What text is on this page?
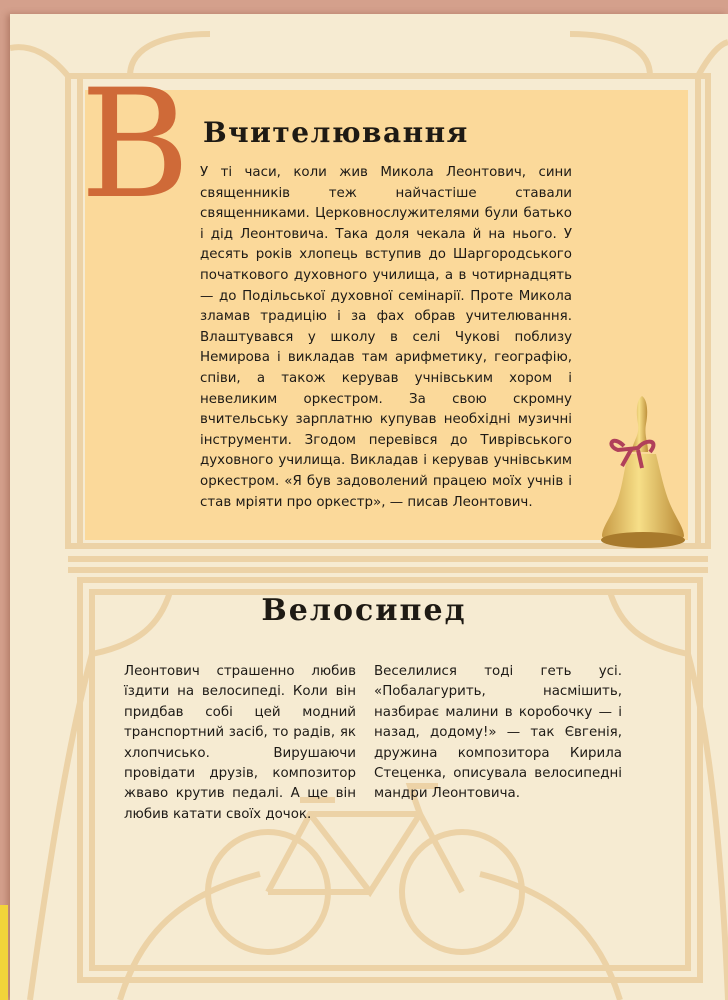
В Вчителювання

У ті часи, коли жив Микола Леонтович, сини священників теж найчастіше ставали священниками. Церковнослужителями були батько і дід Леонтовича. Така доля чекала й на нього. У десять років хлопець вступив до Шаргородського початкового духовного училища, а в чотирнадцять — до Подільської духовної семінарії. Проте Микола зламав традицію і за фах обрав учителювання. Влаштувався у школу в селі Чукові поблизу Немирова і викладав там арифметику, географію, співи, а також керував учнівським хором і невеликим оркестром. За свою скромну вчительську зарплатню купував необхідні музичні інструменти. Згодом перевівся до Тиврівського духовного училища. Викладав і керував учнівським оркестром. «Я був задоволений працею моїх учнів і став мріяти про оркестр», — писав Леонтович.

Велосипед

Леонтович страшенно любив їздити на велосипеді. Коли він придбав собі цей модний транспортний засіб, то радів, як хлопчисько. Вирушаючи провідати друзів, композитор жваво крутив педалі. А ще він любив катати своїх дочок.

Веселилися тоді геть усі. «Побалагурить, насмішить, назбирає малини в коробочку — і назад, додому!» — так Євгенія, дружина композитора Кирила Стеценка, описувала велосипедні мандри Леонтовича.
